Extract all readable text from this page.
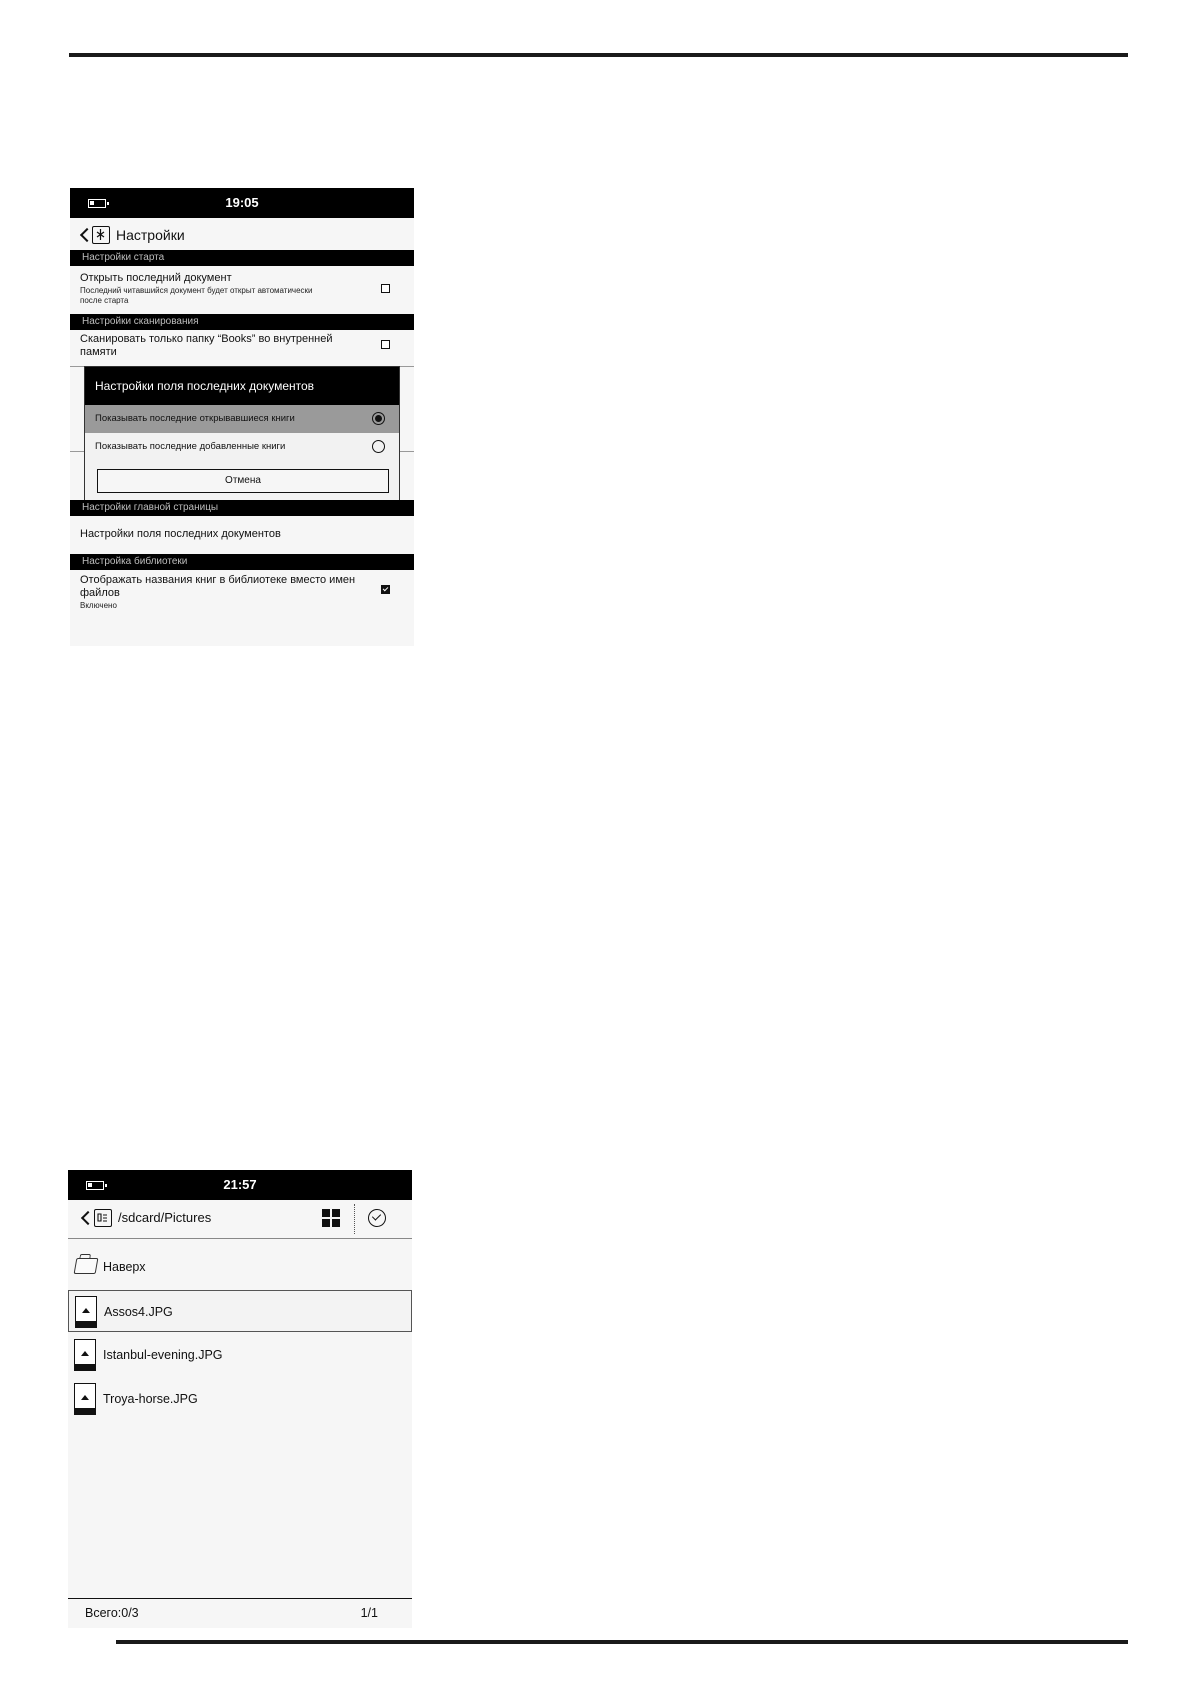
19:05
Настройки
Настройки старта
Открыть последний документ
Последний читавшийся документ будет открыт автоматически
после старта
Настройки сканирования
Сканировать только папку “Books” во внутренней
памяти
Настройки поля последних документов
Показывать последние открывавшиеся книги
Показывать последние добавленные книги
Отмена
Настройки главной страницы
Настройки поля последних документов
Настройка библиотеки
Отображать названия книг в библиотеке вместо имен
файлов
Включено
21:57
/sdcard/Pictures
Наверх
Assos4.JPG
Istanbul-evening.JPG
Troya-horse.JPG
Всего:0/3	1/1
